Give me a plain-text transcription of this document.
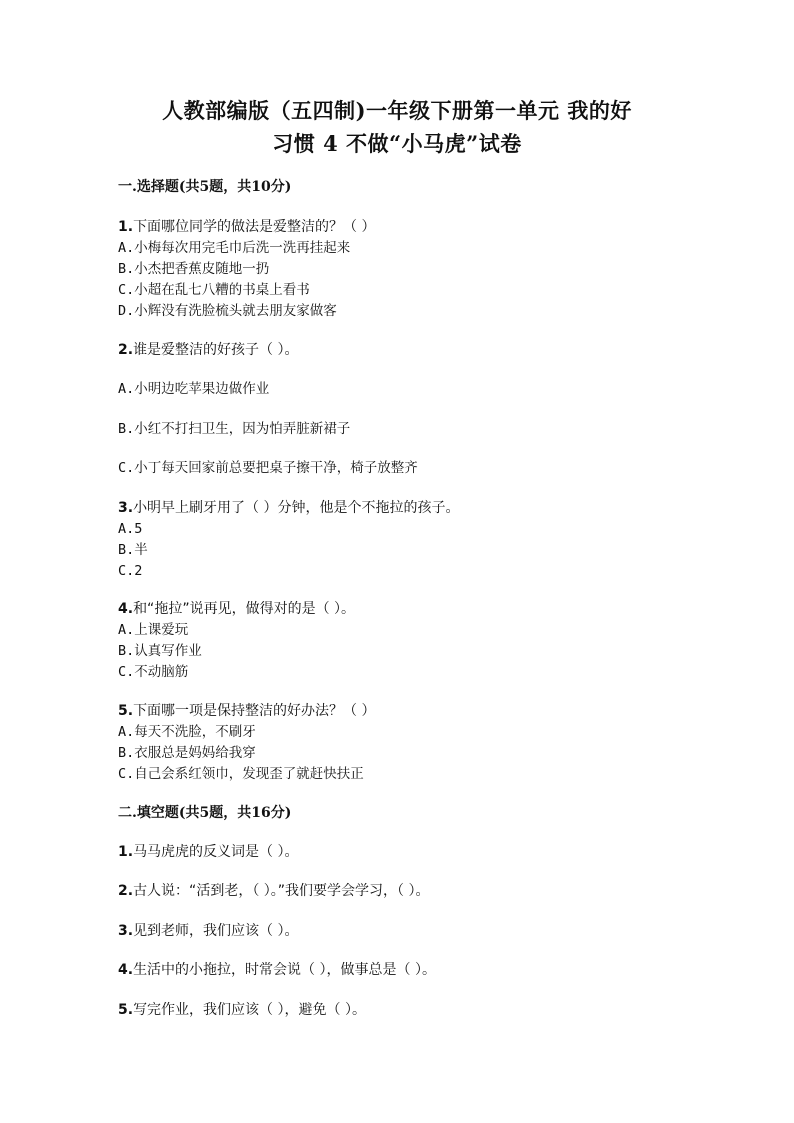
人教部编版（五四制)一年级下册第一单元 我的好
习惯 4 不做“小马虎”试卷
一.选择题(共5题，共10分)
1.下面哪位同学的做法是爱整洁的？（ ）
A.小梅每次用完毛巾后洗一洗再挂起来
B.小杰把香蕉皮随地一扔
C.小超在乱七八糟的书桌上看书
D.小辉没有洗脸梳头就去朋友家做客
2.谁是爱整洁的好孩子（ ）。
A.小明边吃苹果边做作业
B.小红不打扫卫生，因为怕弄脏新裙子
C.小丁每天回家前总要把桌子擦干净，椅子放整齐
3.小明早上刷牙用了（ ）分钟，他是个不拖拉的孩子。
A.5
B.半
C.2
4.和“拖拉”说再见，做得对的是（ ）。
A.上课爱玩
B.认真写作业
C.不动脑筋
5.下面哪一项是保持整洁的好办法？（ ）
A.每天不洗脸，不刷牙
B.衣服总是妈妈给我穿
C.自己会系红领巾，发现歪了就赶快扶正
二.填空题(共5题，共16分)
1.马马虎虎的反义词是（ ）。
2.古人说：“活到老，（ ）。”我们要学会学习，（ ）。
3.见到老师，我们应该（ ）。
4.生活中的小拖拉，时常会说（ ），做事总是（ ）。
5.写完作业，我们应该（ ），避免（ ）。
